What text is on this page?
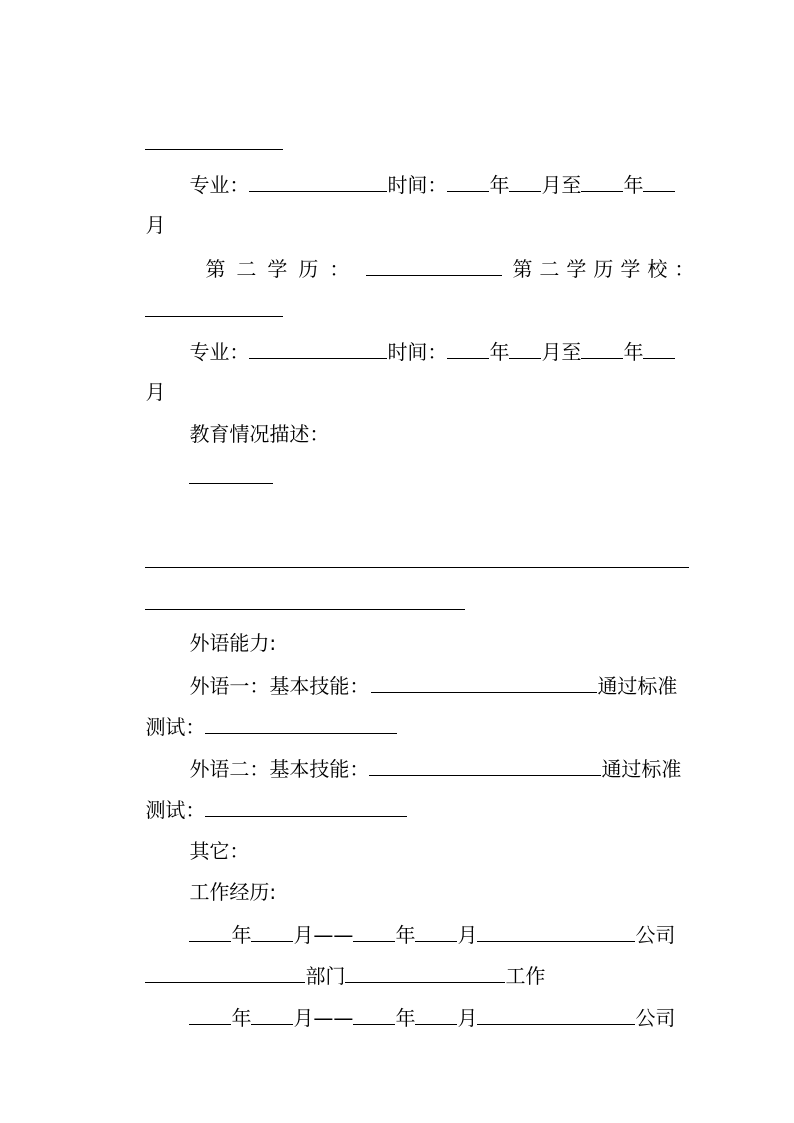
专业：	时间： 年 月至 年

月

第二学历：	第二学历学校：

专业：	时间： 年 月至 年

月

教育情况描述：

外语能力:

外语一：基本技能：	通过标准

测试：

外语二：基本技能：	通过标准

测试：

其它：

工作经历:

年 月—— 年 月	公司

部门	工作

年 月—— 年 月	公司
